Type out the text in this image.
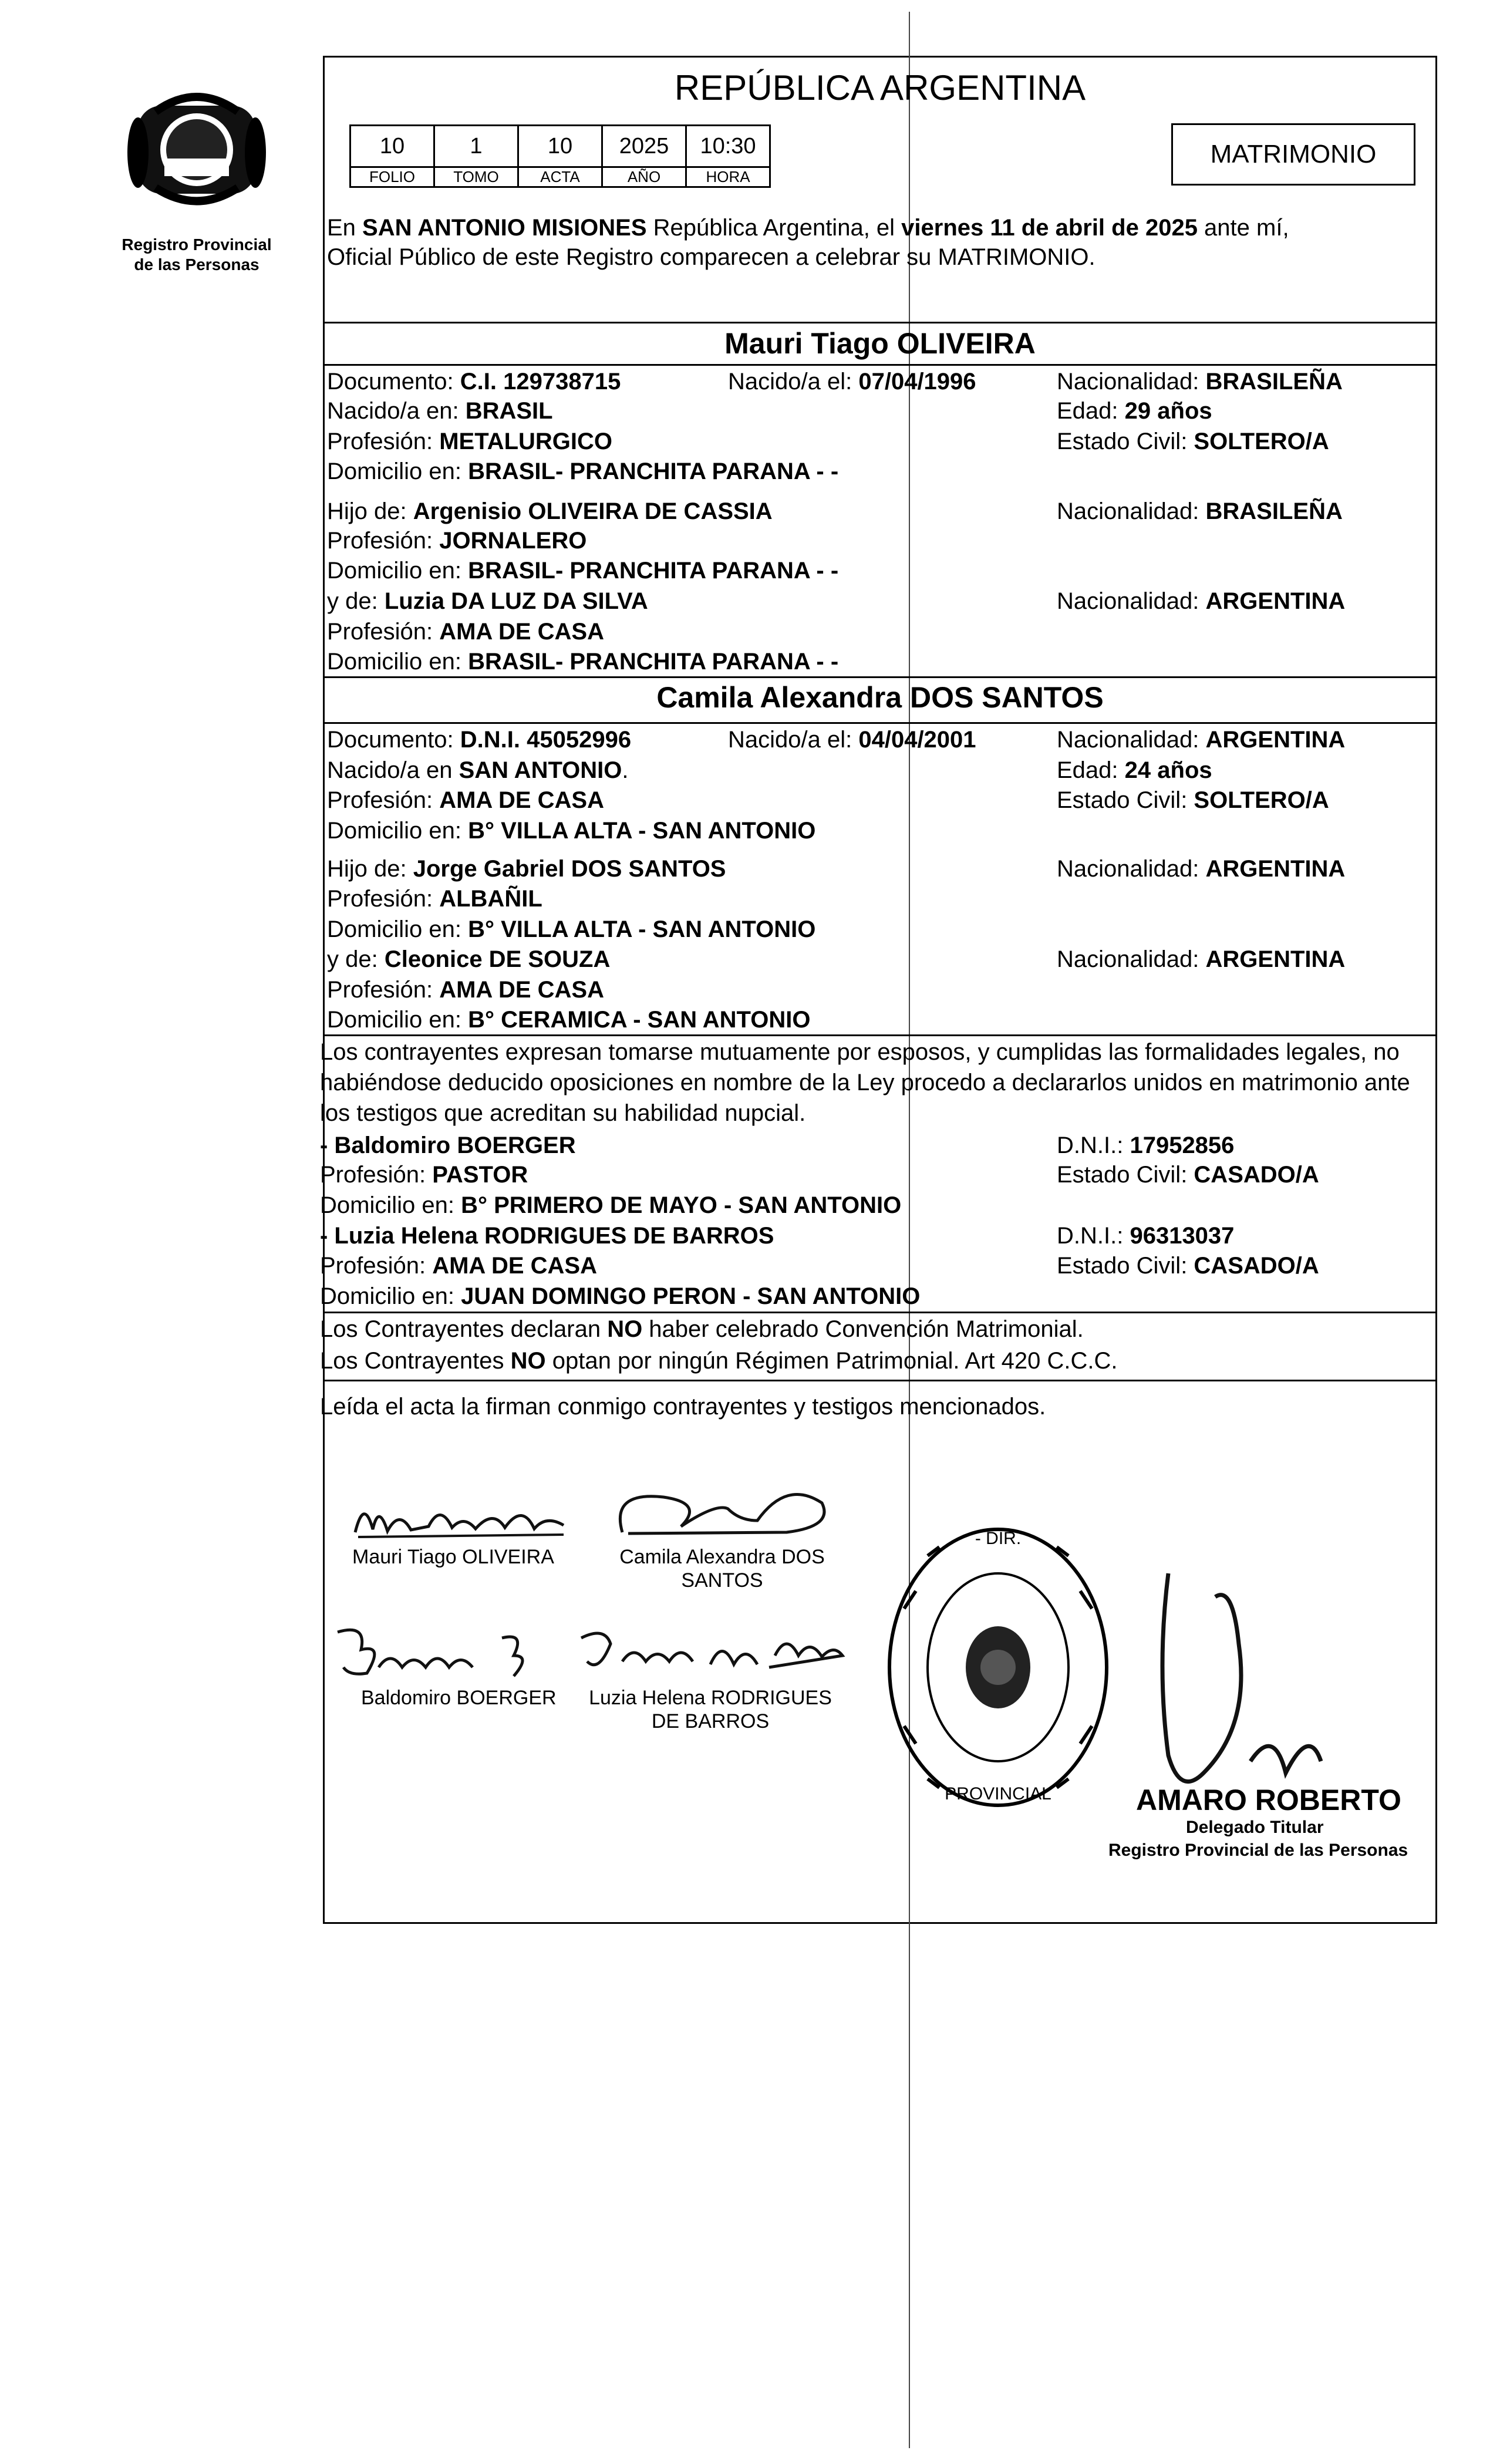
Registro Provincial
de las Personas
REPÚBLICA ARGENTINA
10	1	10	2025	10:30
FOLIO	TOMO	ACTA	AÑO	HORA
MATRIMONIO
En SAN ANTONIO MISIONES República Argentina, el viernes 11 de abril de 2025 ante mí,
Oficial Público de este Registro comparecen a celebrar su MATRIMONIO.
Mauri Tiago OLIVEIRA
Documento: C.I. 129738715	Nacido/a el: 07/04/1996	Nacionalidad: BRASILEÑA
Nacido/a en: BRASIL	Edad: 29 años
Profesión: METALURGICO	Estado Civil: SOLTERO/A
Domicilio en: BRASIL- PRANCHITA PARANA - -
Hijo de: Argenisio OLIVEIRA DE CASSIA	Nacionalidad: BRASILEÑA
Profesión: JORNALERO
Domicilio en: BRASIL- PRANCHITA PARANA - -
y de: Luzia DA LUZ DA SILVA	Nacionalidad: ARGENTINA
Profesión: AMA DE CASA
Domicilio en: BRASIL- PRANCHITA PARANA - -
Camila Alexandra DOS SANTOS
Documento: D.N.I. 45052996	Nacido/a el: 04/04/2001	Nacionalidad: ARGENTINA
Nacido/a en SAN ANTONIO.	Edad: 24 años
Profesión: AMA DE CASA	Estado Civil: SOLTERO/A
Domicilio en: B° VILLA ALTA - SAN ANTONIO
Hijo de: Jorge Gabriel DOS SANTOS	Nacionalidad: ARGENTINA
Profesión: ALBAÑIL
Domicilio en: B° VILLA ALTA - SAN ANTONIO
y de: Cleonice DE SOUZA	Nacionalidad: ARGENTINA
Profesión: AMA DE CASA
Domicilio en: B° CERAMICA - SAN ANTONIO
Los contrayentes expresan tomarse mutuamente por esposos, y cumplidas las formalidades legales, no
habiéndose deducido oposiciones en nombre de la Ley procedo a declararlos unidos en matrimonio ante
los testigos que acreditan su habilidad nupcial.
- Baldomiro BOERGER	D.N.I.: 17952856
Profesión: PASTOR	Estado Civil: CASADO/A
Domicilio en: B° PRIMERO DE MAYO - SAN ANTONIO
- Luzia Helena RODRIGUES DE BARROS	D.N.I.: 96313037
Profesión: AMA DE CASA	Estado Civil: CASADO/A
Domicilio en: JUAN DOMINGO PERON - SAN ANTONIO
Los Contrayentes declaran NO haber celebrado Convención Matrimonial.
Los Contrayentes NO optan por ningún Régimen Patrimonial. Art 420 C.C.C.
Leída el acta la firman conmigo contrayentes y testigos mencionados.
Mauri Tiago OLIVEIRA	Camila Alexandra DOS
SANTOS
Baldomiro BOERGER	Luzia Helena RODRIGUES
DE BARROS
- DIR.
PROVINCIAL	AMARO ROBERTO
Delegado Titular
Registro Provincial de las Personas
